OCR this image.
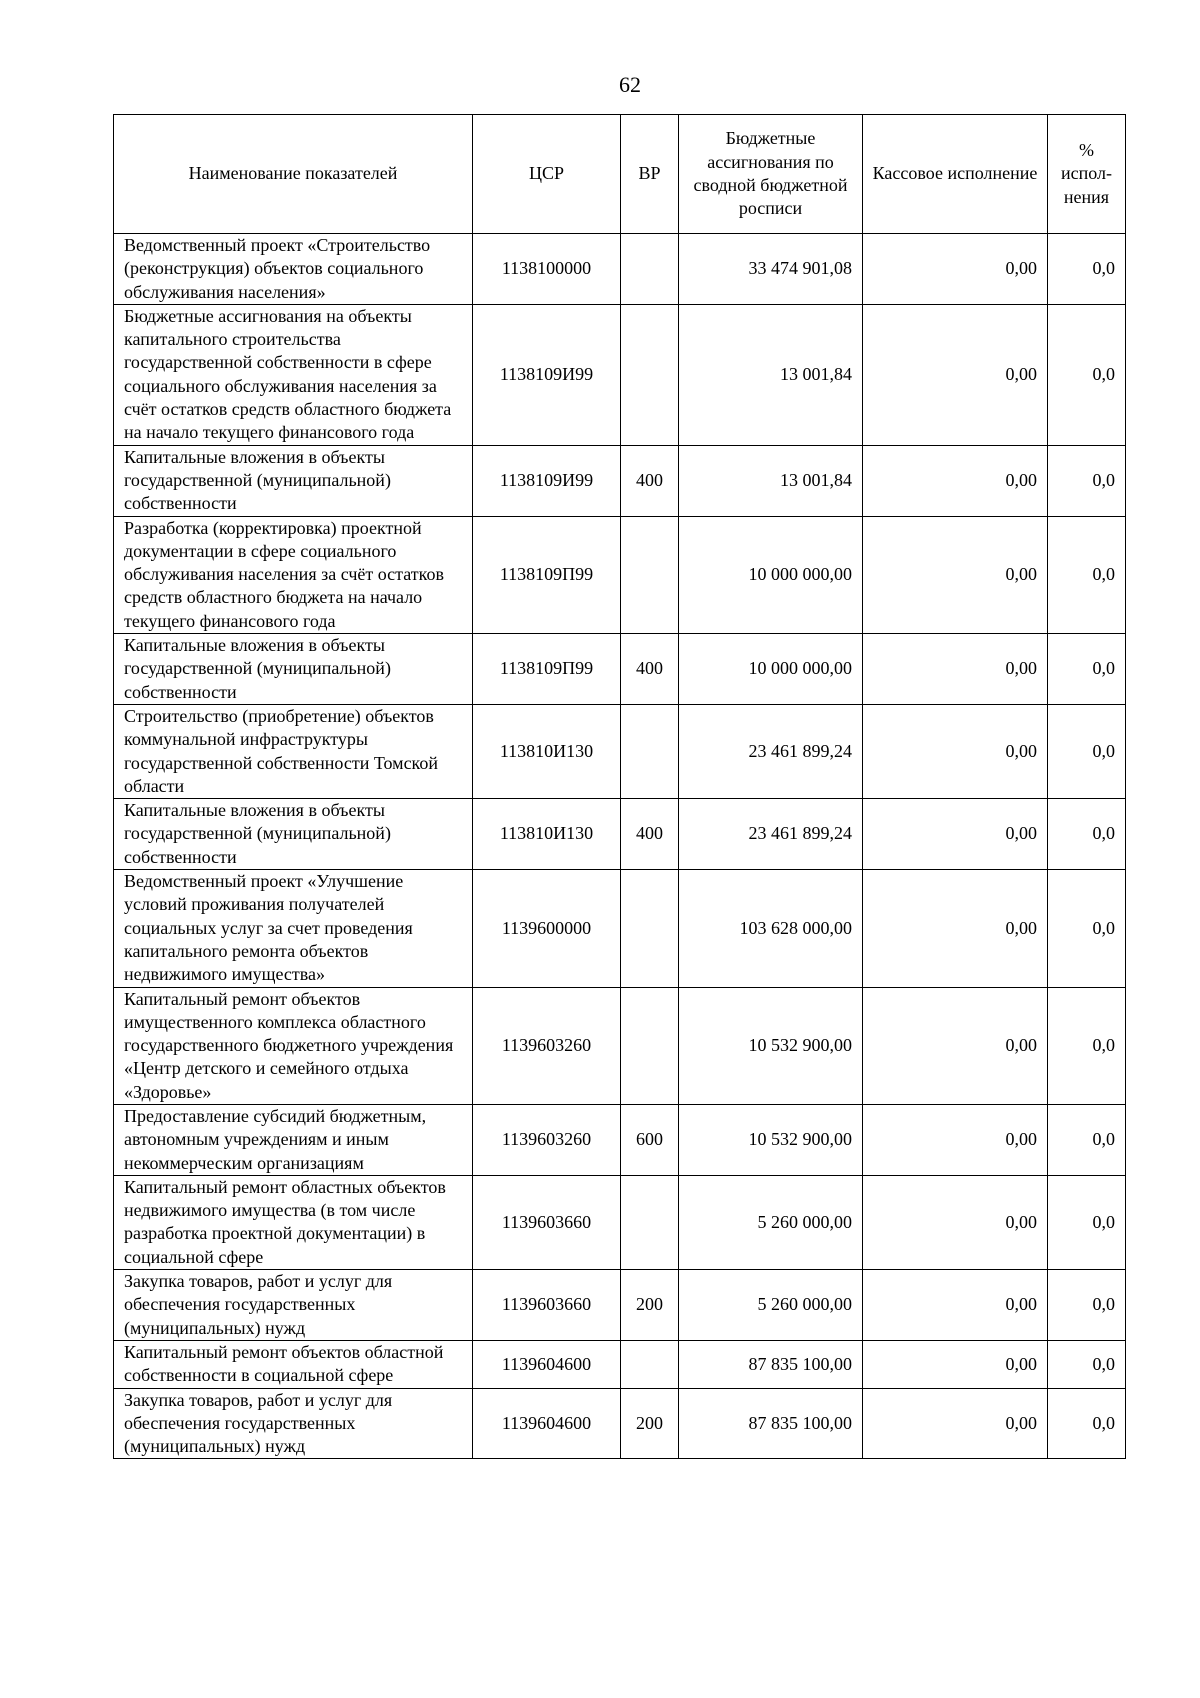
62
Наименование показателей	ЦСР	ВР	Бюджетные ассигнования по сводной бюджетной росписи	Кассовое исполнение	% испол-нения
Ведомственный проект «Строительство (реконструкция) объектов социального обслуживания населения»	1138100000		33 474 901,08	0,00	0,0
Бюджетные ассигнования на объекты капитального строительства государственной собственности в сфере социального обслуживания населения за счёт остатков средств областного бюджета на начало текущего финансового года	1138109И99		13 001,84	0,00	0,0
Капитальные вложения в объекты государственной (муниципальной) собственности	1138109И99	400	13 001,84	0,00	0,0
Разработка (корректировка) проектной документации в сфере социального обслуживания населения за счёт остатков средств областного бюджета на начало текущего финансового года	1138109П99		10 000 000,00	0,00	0,0
Капитальные вложения в объекты государственной (муниципальной) собственности	1138109П99	400	10 000 000,00	0,00	0,0
Строительство (приобретение) объектов коммунальной инфраструктуры государственной собственности Томской области	113810И130		23 461 899,24	0,00	0,0
Капитальные вложения в объекты государственной (муниципальной) собственности	113810И130	400	23 461 899,24	0,00	0,0
Ведомственный проект «Улучшение условий проживания получателей социальных услуг за счет проведения капитального ремонта объектов недвижимого имущества»	1139600000		103 628 000,00	0,00	0,0
Капитальный ремонт объектов имущественного комплекса областного государственного бюджетного учреждения «Центр детского и семейного отдыха «Здоровье»	1139603260		10 532 900,00	0,00	0,0
Предоставление субсидий бюджетным, автономным учреждениям и иным некоммерческим организациям	1139603260	600	10 532 900,00	0,00	0,0
Капитальный ремонт областных объектов недвижимого имущества (в том числе разработка проектной документации) в социальной сфере	1139603660		5 260 000,00	0,00	0,0
Закупка товаров, работ и услуг для обеспечения государственных (муниципальных) нужд	1139603660	200	5 260 000,00	0,00	0,0
Капитальный ремонт объектов областной собственности в социальной сфере	1139604600		87 835 100,00	0,00	0,0
Закупка товаров, работ и услуг для обеспечения государственных (муниципальных) нужд	1139604600	200	87 835 100,00	0,00	0,0
